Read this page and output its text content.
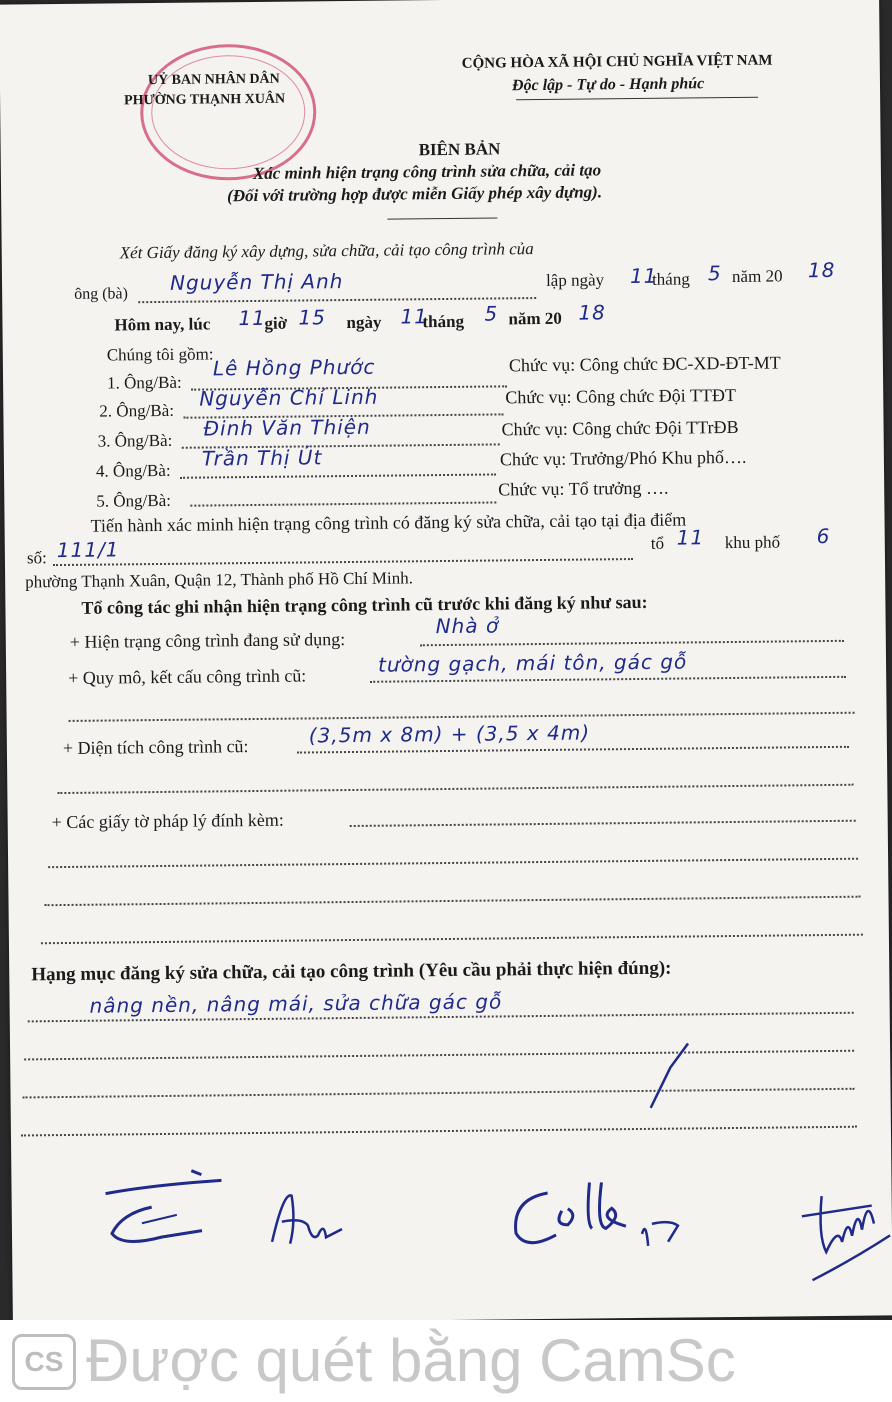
UỶ BAN NHÂN DÂN
PHƯỜNG THẠNH XUÂN
CỘNG HÒA XÃ HỘI CHỦ NGHĨA VIỆT NAM
Độc lập - Tự do - Hạnh phúc
BIÊN BẢN
Xác minh hiện trạng công trình sửa chữa, cải tạo
(Đối với trường hợp được miễn Giấy phép xây dựng).
Xét Giấy đăng ký xây dựng, sửa chữa, cải tạo công trình của
ông (bà) Nguyễn Thị Anh	lập ngày 11
tháng 5 năm 20 18
Hôm nay, lúc 11
giờ 15 ngày 11
tháng 5 năm 20 18
Chúng tôi gồm:
1. Ông/Bà:
Lê Hồng Phước	Chức vụ: Công chức ĐC-XD-ĐT-MT
2. Ông/Bà:
Nguyễn Chí Linh	Chức vụ: Công chức Đội TTĐT
3. Ông/Bà:
Đinh Văn Thiện	Chức vụ: Công chức Đội TTrĐB
4. Ông/Bà:
Trần Thị Út	Chức vụ: Trưởng/Phó Khu phố….
5. Ông/Bà:
Chức vụ: Tổ trưởng ….
Tiến hành xác minh hiện trạng công trình có đăng ký sửa chữa, cải tạo tại địa điểm
số: 111/1	tổ 11 khu phố 6
phường Thạnh Xuân, Quận 12, Thành phố Hồ Chí Minh.
Tổ công tác ghi nhận hiện trạng công trình cũ trước khi đăng ký như sau:
+ Hiện trạng công trình đang sử dụng:
Nhà ở
+ Quy mô, kết cấu công trình cũ:	tường gạch, mái tôn, gác gỗ
+ Diện tích công trình cũ:	(3,5m x 8m) + (3,5 x 4m)
+ Các giấy tờ pháp lý đính kèm:
Hạng mục đăng ký sửa chữa, cải tạo công trình (Yêu cầu phải thực hiện đúng):
nâng nền, nâng mái, sửa chữa gác gỗ
CS Được quét bằng CamSc
